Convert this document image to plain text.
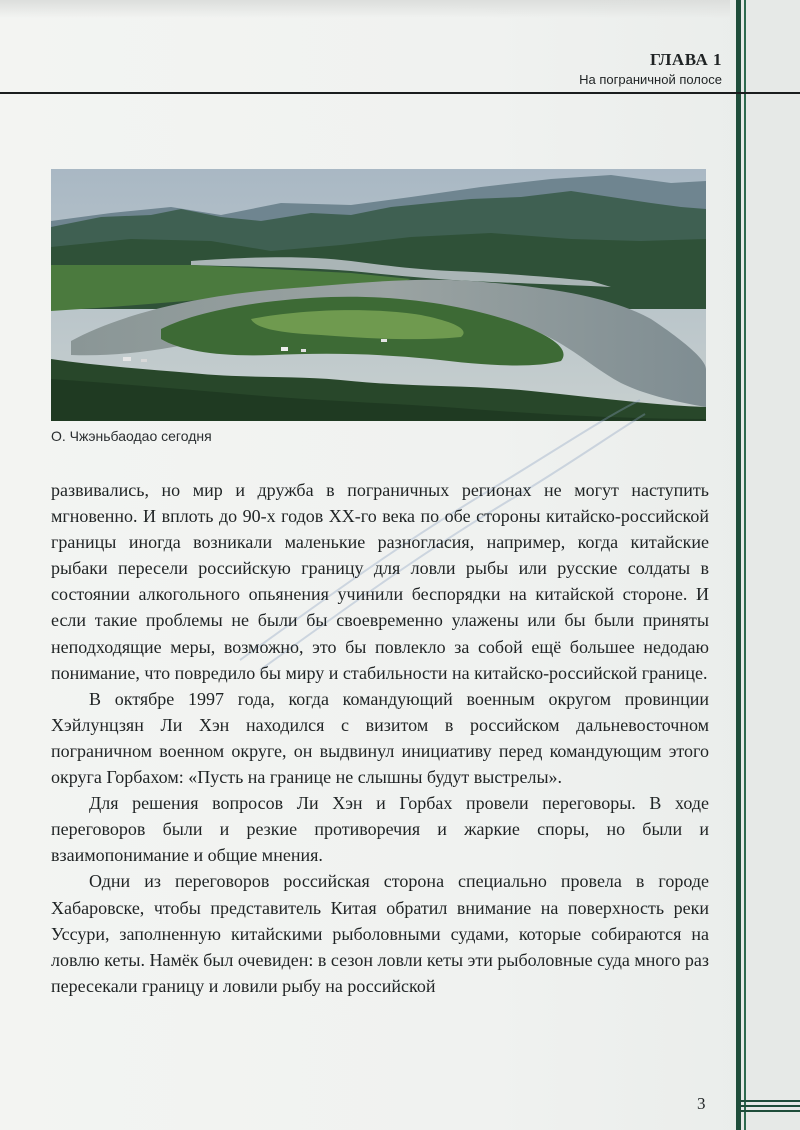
ГЛАВА 1
На пограничной полосе
О. Чжэньбаодао сегодня

развивались, но мир и дружба в пограничных регионах не могут наступить мгновенно. И вплоть до 90-х годов XX-го века по обе стороны китайско-российской границы иногда возникали маленькие разногласия, например, когда китайские рыбаки пересели российскую границу для ловли рыбы или русские солдаты в состоянии алкогольного опьянения учинили беспорядки на китайской стороне. И если такие проблемы не были бы своевременно улажены или бы были приняты неподходящие меры, возможно, это бы повлекло за собой ещё большее недодаю понимание, что повредило бы миру и стабильности на китайско-российской границе.

В октябре 1997 года, когда командующий военным округом провинции Хэйлунцзян Ли Хэн находился с визитом в российском дальневосточном пограничном военном округе, он выдвинул инициативу перед командующим этого округа Горбахом: «Пусть на границе не слышны будут выстрелы».

Для решения вопросов Ли Хэн и Горбах провели переговоры. В ходе переговоров были и резкие противоречия и жаркие споры, но были и взаимопонимание и общие мнения.

Одни из переговоров российская сторона специально провела в городе Хабаровске, чтобы представитель Китая обратил внимание на поверхность реки Уссури, заполненную китайскими рыболовными судами, которые собираются на ловлю кеты. Намёк был очевиден: в сезон ловли кеты эти рыболовные суда много раз пересекали границу и ловили рыбу на российской

3
